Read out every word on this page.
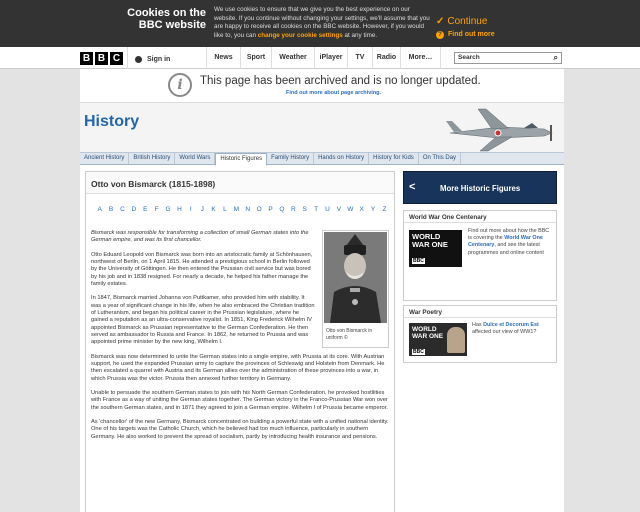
Cookies on the BBC website
We use cookies to ensure that we give you the best experience on our website. If you continue without changing your settings, we'll assume that you are happy to receive all cookies on the BBC website. However, if you would like to, you can change your cookie settings at any time.
✓ Continue
? Find out more
B B C	Sign in	News	Sport	Weather	iPlayer	TV	Radio	More…	Search	⌕
i	This page has been archived and is no longer updated.
Find out more about page archiving.
History
Ancient History	British History	World Wars	Historic Figures	Family History	Hands on History	History for Kids	On This Day
Otto von Bismarck (1815-1898)
A	B	C	D	E	F	G	H	I	J	K	L	M N	O	P	Q	R	S	T	U	V W X	Y	Z

Bismarck was responsible for transforming a collection of small German states into the German empire, and was its first chancellor.

Otto Eduard Leopold von Bismarck was born into an aristocratic family at Schönhausen, northwest of Berlin, on 1 April 1815. He attended a prestigious school in Berlin followed by the University of Göttingen. He then entered the Prussian civil service but was bored by his job and in 1838 resigned. For nearly a decade, he helped his father manage the family estates.

In 1847, Bismarck married Johanna von Puttkamer, who provided him with stability. It was a year of significant change in his life, when he also embraced the Christian tradition of Lutheranism, and began his political career in the Prussian legislature, where he gained a reputation as an ultra-conservative royalist. In 1851, King Frederick Wilhelm IV appointed Bismarck as Prussian representative to the German Confederation. He then served as ambassador to Russia and France. In 1862, he returned to Prussia and was appointed prime minister by the new king, Wilhelm I.

Bismarck was now determined to unite the German states into a single empire, with Prussia at its core. With Austrian support, he used the expanded Prussian army to capture the provinces of Schleswig and Holstein from Denmark. He then escalated a quarrel with Austria and its German allies over the administration of these provinces into a war, in which Prussia was the victor. Prussia then annexed further territory in Germany.

Unable to persuade the southern German states to join with his North German Confederation, he provoked hostilities with France as a way of uniting the German states together. The German victory in the Franco-Prussian War won over the southern German states, and in 1871 they agreed to join a German empire. Wilhelm I of Prussia became emperor.

As 'chancellor' of the new Germany, Bismarck concentrated on building a powerful state with a unified national identity. One of his targets was the Catholic Church, which he believed had too much influence, particularly in southern Germany. He also worked to prevent the spread of socialism, partly by introducing health insurance and pensions.

Otto von Bismarck in uniform ©
<	More Historic Figures
World War One Centenary
WORLD
WAR ONE
BBC
Find out more about how the BBC is covering the World War One Centenary, and see the latest programmes and online content
War Poetry
WORLD
WAR ONE
BBC
Has Dulce et Decorum Est affected our view of WW1?
